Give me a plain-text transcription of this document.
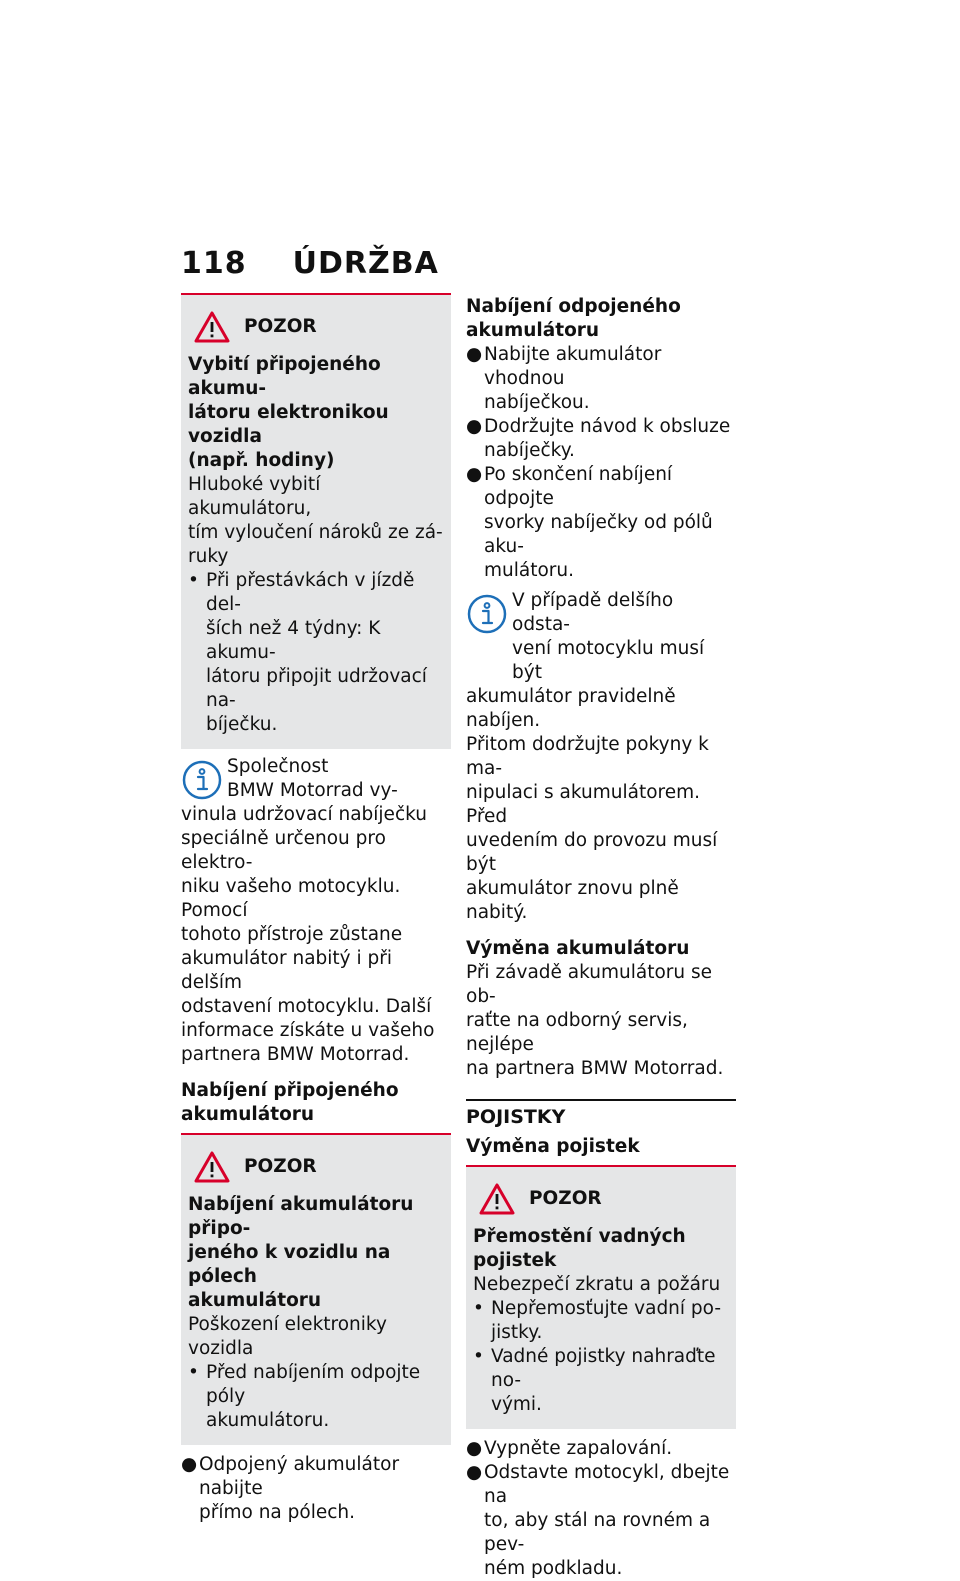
118 ÚDRŽBA
POZOR

Vybití připojeného akumu-

látoru elektronikou vozidla

(např. hodiny)

Hluboké vybití akumulátoru,

tím vyloučení nároků ze zá-

ruky

• Při přestávkách v jízdě del-
ších než 4 týdny: K akumu-
látoru připojit udržovací na-
bíječku.

Společnost

BMW Motorrad vy-

vinula udržovací nabíječku

speciálně určenou pro elektro-

niku vašeho motocyklu. Pomocí

tohoto přístroje zůstane

akumulátor nabitý i při delším

odstavení motocyklu. Další

informace získáte u vašeho

partnera BMW Motorrad.

Nabíjení připojeného

akumulátoru

POZOR

Nabíjení akumulátoru připo-

jeného k vozidlu na pólech

akumulátoru

Poškození elektroniky vozidla

• Před nabíjením odpojte póly
akumulátoru.
● Odpojený akumulátor nabijte
přímo na pólech.

Nabíjení odpojeného

akumulátoru

● Nabijte akumulátor vhodnou
nabíječkou.
● Dodržujte návod k obsluze
nabíječky.
● Po skončení nabíjení odpojte
svorky nabíječky od pólů aku-
mulátoru.

V případě delšího odsta-

vení motocyklu musí být

akumulátor pravidelně nabíjen.

Přitom dodržujte pokyny k ma-

nipulaci s akumulátorem. Před

uvedením do provozu musí být

akumulátor znovu plně nabitý.

Výměna akumulátoru

Při závadě akumulátoru se ob-

raťte na odborný servis, nejlépe

na partnera BMW Motorrad.

POJISTKY

Výměna pojistek

POZOR

Přemostění vadných pojistek

Nebezpečí zkratu a požáru

• Nepřemosťujte vadní po-
jistky.
• Vadné pojistky nahraďte no-
vými.
● Vypněte zapalování.
● Odstavte motocykl, dbejte na
to, aby stál na rovném a pev-
ném podkladu.
